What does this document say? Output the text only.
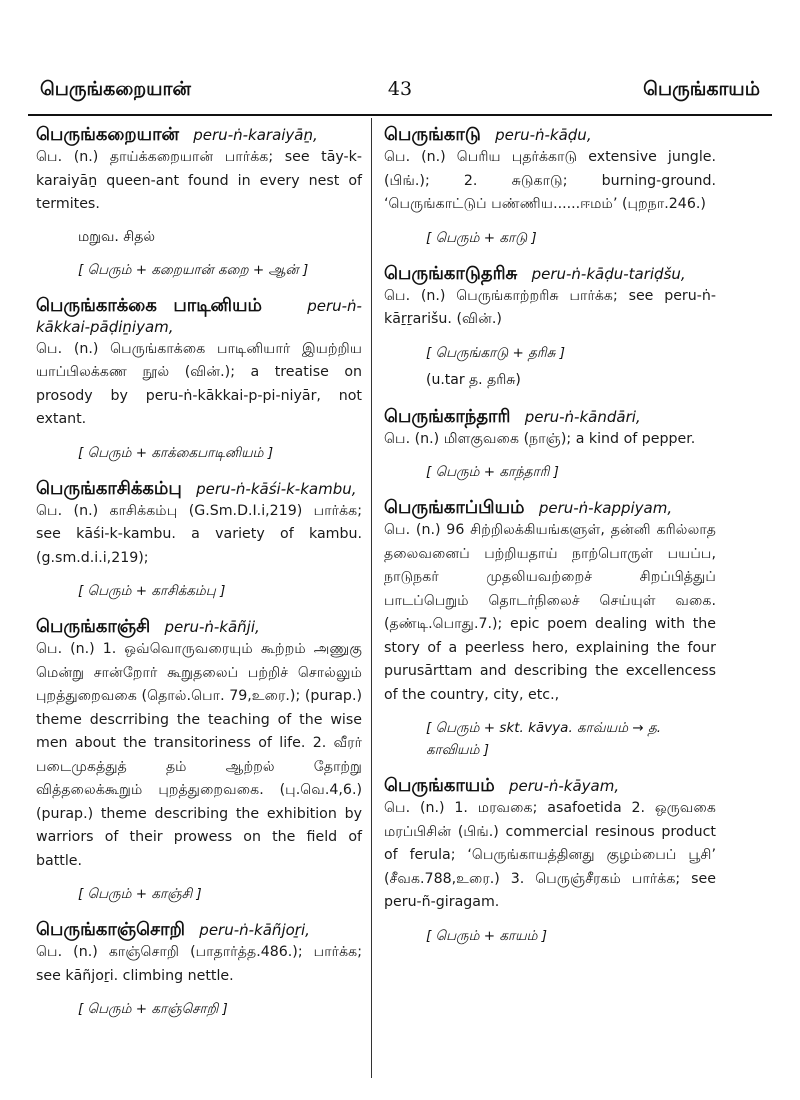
பெருங்கறையான்	43	பெருங்காயம்
பெருங்கறையான் peru-ṅ-karaiyāṉ,
பெ. (n.) தாய்க்கறையான் பார்க்க; see tāy-k-karaiyāṉ queen-ant found in every nest of termites.
மறுவ. சிதல்
[ பெரும் + கறையான் கறை + ஆன் ]
பெருங்காக்கை பாடினியம்	peru-ṅ-kākkai-pāḍiṉiyam,
பெ. (n.) பெருங்காக்கை பாடினியார் இயற்றிய யாப்பிலக்கண நூல் (வின்.); a treatise on prosody by peru-ṅ-kākkai-p-pi-niyār, not extant.
[ பெரும் + காக்கைபாடினியம் ]
பெருங்காசிக்கம்பு peru-ṅ-kāśi-k-kambu,
பெ. (n.) காசிக்கம்பு (G.Sm.D.I.i,219) பார்க்க; see kāśi-k-kambu. a variety of kambu. (g.sm.d.i.i,219);
[ பெரும் + காசிக்கம்பு ]
பெருங்காஞ்சி peru-ṅ-kāñji,
பெ. (n.) 1. ஒவ்வொருவரையும் கூற்றம் அணுகு மென்று சான்றோர் கூறுதலைப் பற்றிச் சொல்லும் புறத்துறைவகை (தொல்.பொ. 79,உரை.); (purap.) theme descrribing the teaching of the wise men about the transitoriness of life. 2. வீரர் படைமுகத்துத் தம் ஆற்றல் தோற்று வித்தலைக்கூறும் புறத்துறைவகை. (பு.வெ.4,6.) (purap.) theme describing the exhibition by warriors of their prowess on the field of battle.
[ பெரும் + காஞ்சி ]
பெருங்காஞ்சொறி peru-ṅ-kāñjoṟi,
பெ. (n.) காஞ்சொறி (பாதார்த்த.486.); பார்க்க; see kāñjoṟi. climbing nettle.
[ பெரும் + காஞ்சொறி ]
பெருங்காடு peru-ṅ-kāḍu,
பெ. (n.) பெரிய புதர்க்காடு extensive jungle. (பிங்.); 2. சுடுகாடு; burning-ground. ‘பெருங்காட்டுப் பண்ணிய......ஈமம்’ (புறநா.246.)
[ பெரும் + காடு ]
பெருங்காடுதரிசு peru-ṅ-kāḍu-tariḍšu,
பெ. (n.) பெருங்காற்றரிசு பார்க்க; see peru-ṅ-kāṟṟarišu. (வின்.)
[ பெருங்காடு + தரிசு ]
(u.tar த. தரிசு)
பெருங்காந்தாரி peru-ṅ-kāndāri,
பெ. (n.) மிளகுவகை (நாஞ்); a kind of pepper.
[ பெரும் + காந்தாரி ]
பெருங்காப்பியம் peru-ṅ-kappiyam,
பெ. (n.) 96 சிற்றிலக்கியங்களுள், தன்னி கரில்லாத தலைவனைப் பற்றியதாய் நாற்பொருள் பயப்ப, நாடுநகர் முதலியவற்றைச் சிறப்பித்துப் பாடப்பெறும் தொடர்நிலைச் செய்யுள் வகை. (தண்டி.பொது.7.); epic poem dealing with the story of a peerless hero, explaining the four purusārttam and describing the excellencess of the country, city, etc.,
[ பெரும் + skt. kāvya. காவ்யம் → த. காவியம் ]
பெருங்காயம் peru-ṅ-kāyam,
பெ. (n.) 1. மரவகை; asafoetida 2. ஒருவகை மரப்பிசின் (பிங்.) commercial resinous product of ferula; ‘பெருங்காயத்தினது குழம்பைப் பூசி’ (சீவக.788,உரை.) 3. பெருஞ்சீரகம் பார்க்க; see peru-ñ-giragam.
[ பெரும் + காயம் ]
